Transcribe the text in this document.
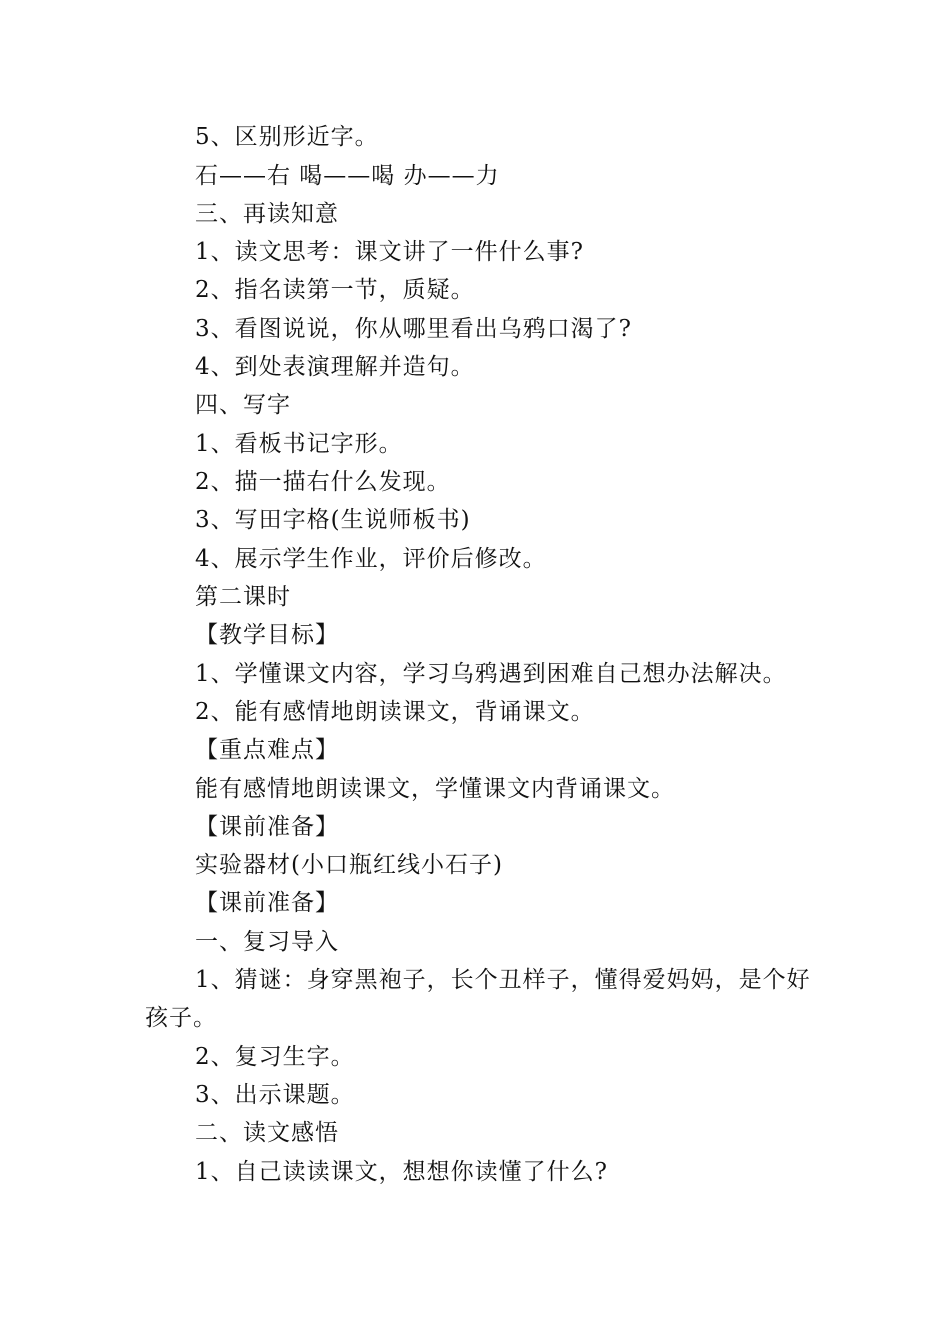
5、区别形近字。
石——右 喝——喝 办——力
三、再读知意
1、读文思考：课文讲了一件什么事?
2、指名读第一节，质疑。
3、看图说说，你从哪里看出乌鸦口渴了?
4、到处表演理解并造句。
四、写字
1、看板书记字形。
2、描一描右什么发现。
3、写田字格(生说师板书)
4、展示学生作业，评价后修改。
第二课时
【教学目标】
1、学懂课文内容，学习乌鸦遇到困难自己想办法解决。
2、能有感情地朗读课文，背诵课文。
【重点难点】
能有感情地朗读课文，学懂课文内背诵课文。
【课前准备】
实验器材(小口瓶红线小石子)
【课前准备】
一、复习导入
1、猜谜：身穿黑袍子，长个丑样子，懂得爱妈妈，是个好
孩子。
2、复习生字。
3、出示课题。
二、读文感悟
1、自己读读课文，想想你读懂了什么?
